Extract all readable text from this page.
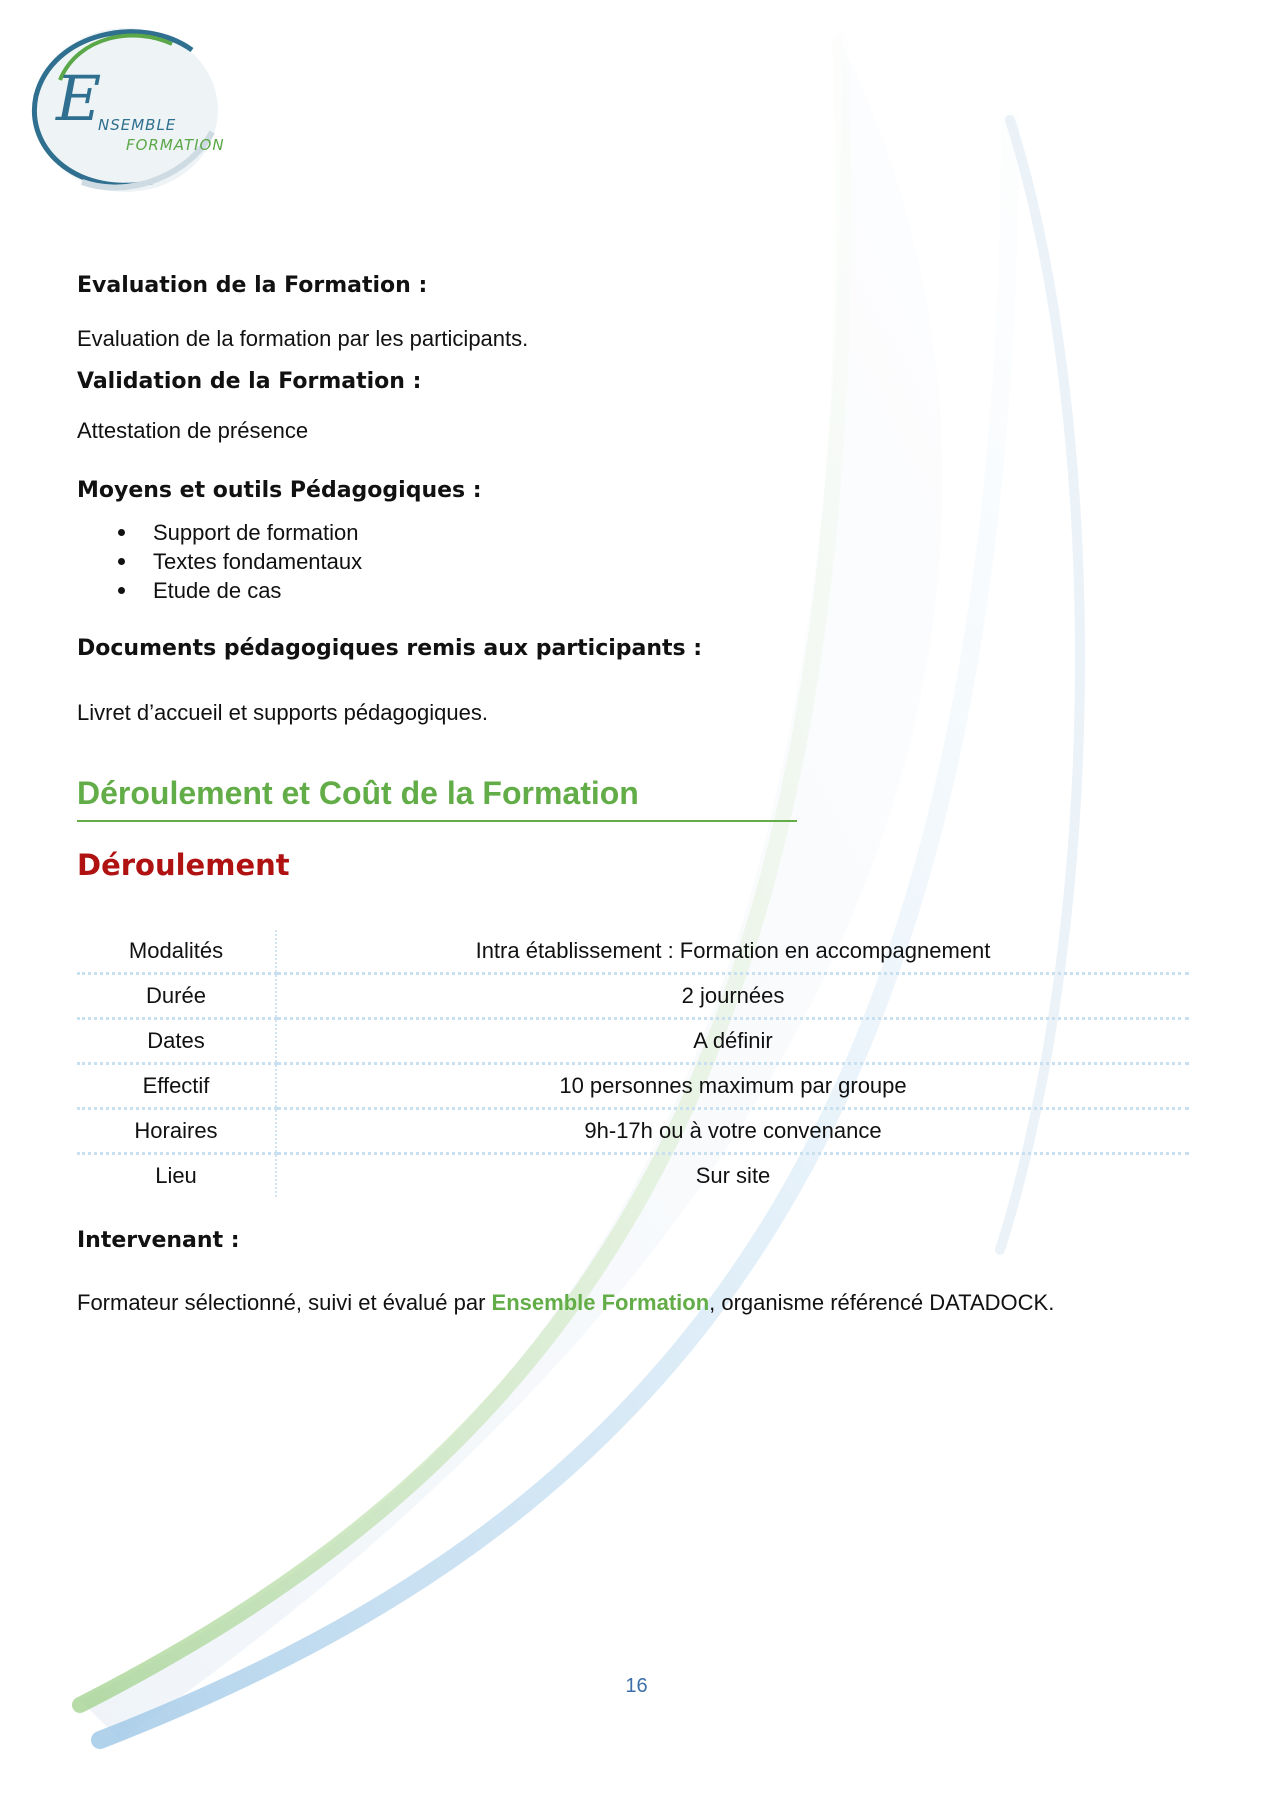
E
NSEMBLE
FORMATION
Evaluation de la Formation :

Evaluation de la formation par les participants.

Validation de la Formation :

Attestation de présence

Moyens et outils Pédagogiques :
Support de formation
Textes fondamentaux
Etude de cas
Documents pédagogiques remis aux participants :

Livret d’accueil et supports pédagogiques.

Déroulement et Coût de la Formation
Déroulement
Modalités	Intra établissement : Formation en accompagnement
Durée	2 journées
Dates	A définir
Effectif	10 personnes maximum par groupe
Horaires	9h-17h ou à votre convenance
Lieu	Sur site
Intervenant :

Formateur sélectionné, suivi et évalué par Ensemble Formation, organisme référencé DATADOCK.

16
